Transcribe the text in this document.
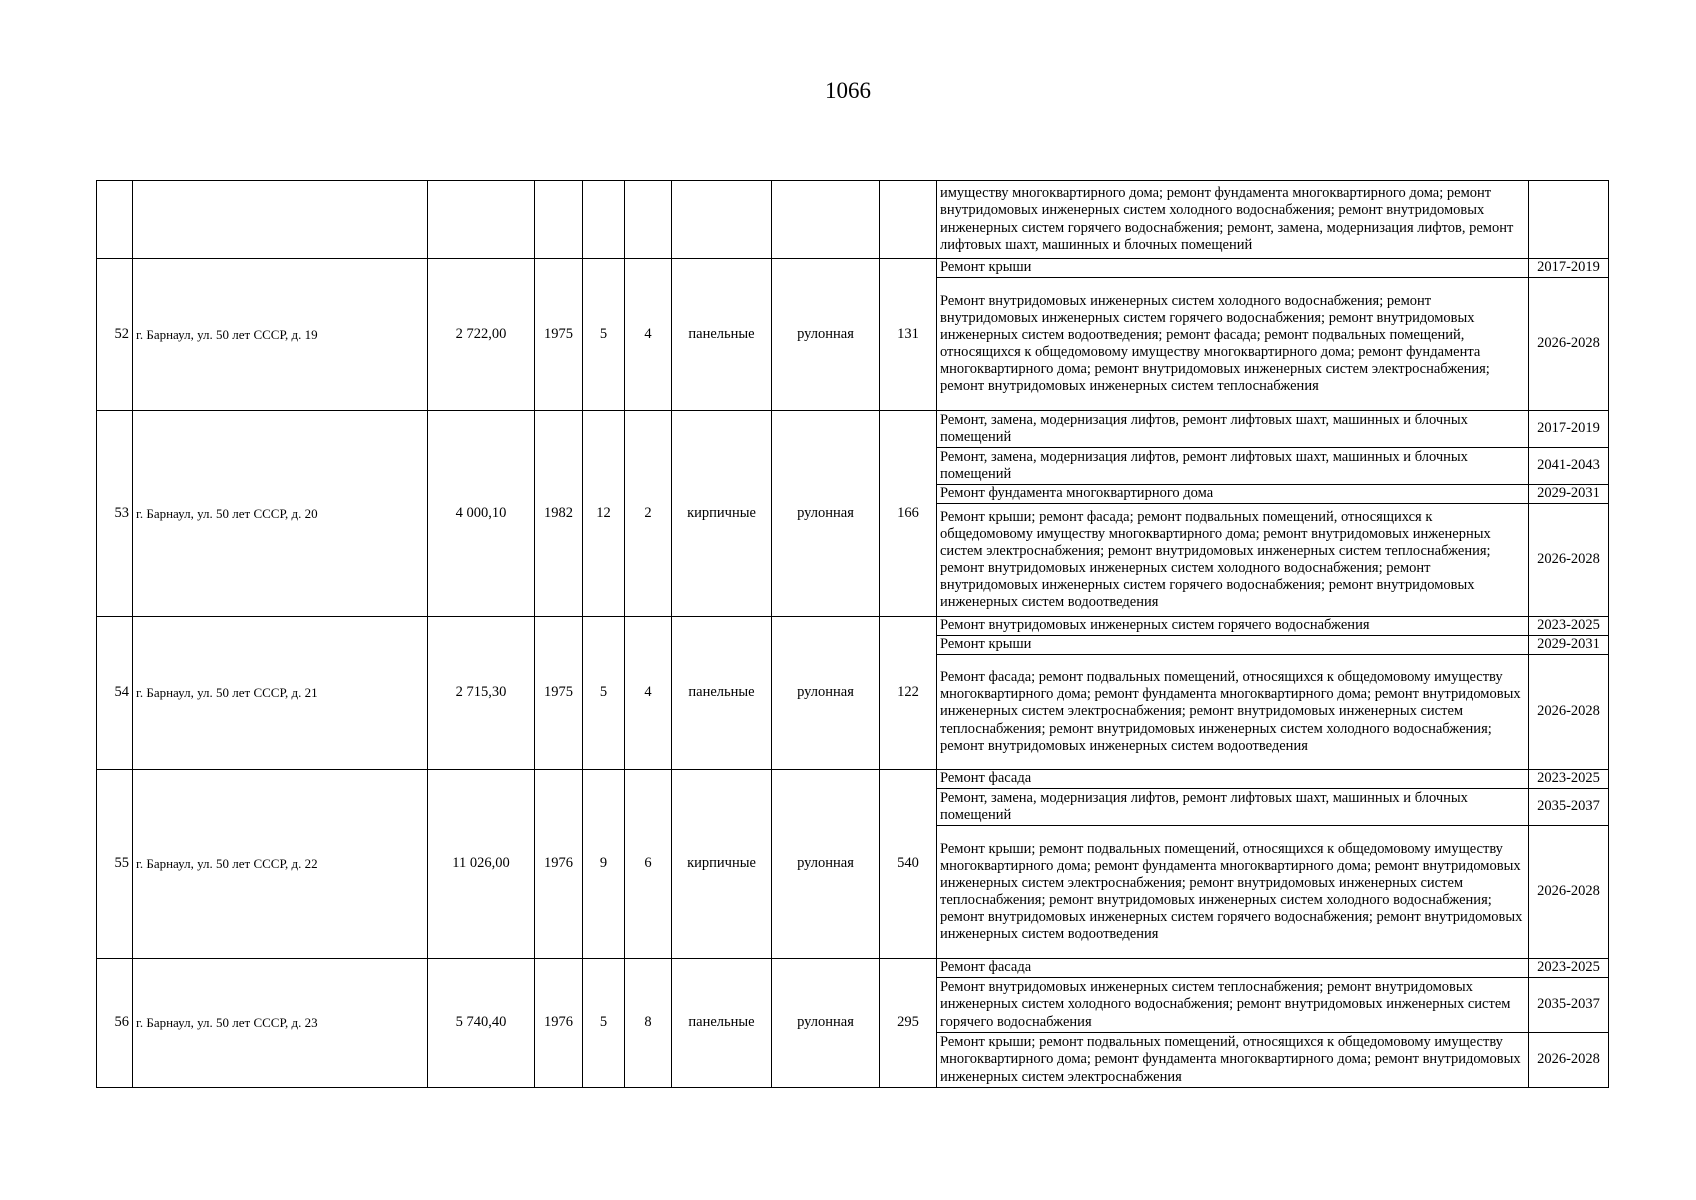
1066
									имуществу многоквартирного дома; ремонт фундамента многоквартирного дома; ремонт внутридомовых инженерных систем холодного водоснабжения; ремонт внутридомовых инженерных систем горячего водоснабжения; ремонт, замена, модернизация лифтов, ремонт лифтовых шахт, машинных и блочных помещений	
52	г. Барнаул, ул. 50 лет СССР, д. 19	2 722,00	1975	5	4	панельные	рулонная	131	Ремонт крыши	2017-2019
									Ремонт внутридомовых инженерных систем холодного водоснабжения; ремонт внутридомовых инженерных систем горячего водоснабжения; ремонт внутридомовых инженерных систем водоотведения; ремонт фасада; ремонт подвальных помещений, относящихся к общедомовому имуществу многоквартирного дома; ремонт фундамента многоквартирного дома; ремонт внутридомовых инженерных систем электроснабжения; ремонт внутридомовых инженерных систем теплоснабжения	2026-2028
53	г. Барнаул, ул. 50 лет СССР, д. 20	4 000,10	1982	12	2	кирпичные	рулонная	166	Ремонт, замена, модернизация лифтов, ремонт лифтовых шахт, машинных и блочных помещений	2017-2019
									Ремонт, замена, модернизация лифтов, ремонт лифтовых шахт, машинных и блочных помещений	2041-2043
									Ремонт фундамента многоквартирного дома	2029-2031
									Ремонт крыши; ремонт фасада; ремонт подвальных помещений, относящихся к общедомовому имуществу многоквартирного дома; ремонт внутридомовых инженерных систем электроснабжения; ремонт внутридомовых инженерных систем теплоснабжения; ремонт внутридомовых инженерных систем холодного водоснабжения; ремонт внутридомовых инженерных систем горячего водоснабжения; ремонт внутридомовых инженерных систем водоотведения	2026-2028
54	г. Барнаул, ул. 50 лет СССР, д. 21	2 715,30	1975	5	4	панельные	рулонная	122	Ремонт внутридомовых инженерных систем горячего водоснабжения	2023-2025
									Ремонт крыши	2029-2031
									Ремонт фасада; ремонт подвальных помещений, относящихся к общедомовому имуществу многоквартирного дома; ремонт фундамента многоквартирного дома; ремонт внутридомовых инженерных систем электроснабжения; ремонт внутридомовых инженерных систем теплоснабжения; ремонт внутридомовых инженерных систем холодного водоснабжения; ремонт внутридомовых инженерных систем водоотведения	2026-2028
55	г. Барнаул, ул. 50 лет СССР, д. 22	11 026,00	1976	9	6	кирпичные	рулонная	540	Ремонт фасада	2023-2025
									Ремонт, замена, модернизация лифтов, ремонт лифтовых шахт, машинных и блочных помещений	2035-2037
									Ремонт крыши; ремонт подвальных помещений, относящихся к общедомовому имуществу многоквартирного дома; ремонт фундамента многоквартирного дома; ремонт внутридомовых инженерных систем электроснабжения; ремонт внутридомовых инженерных систем теплоснабжения; ремонт внутридомовых инженерных систем холодного водоснабжения; ремонт внутридомовых инженерных систем горячего водоснабжения; ремонт внутридомовых инженерных систем водоотведения	2026-2028
56	г. Барнаул, ул. 50 лет СССР, д. 23	5 740,40	1976	5	8	панельные	рулонная	295	Ремонт фасада	2023-2025
									Ремонт внутридомовых инженерных систем теплоснабжения; ремонт внутридомовых инженерных систем холодного водоснабжения; ремонт внутридомовых инженерных систем горячего водоснабжения	2035-2037
									Ремонт крыши; ремонт подвальных помещений, относящихся к общедомовому имуществу многоквартирного дома; ремонт фундамента многоквартирного дома; ремонт внутридомовых инженерных систем электроснабжения	2026-2028
